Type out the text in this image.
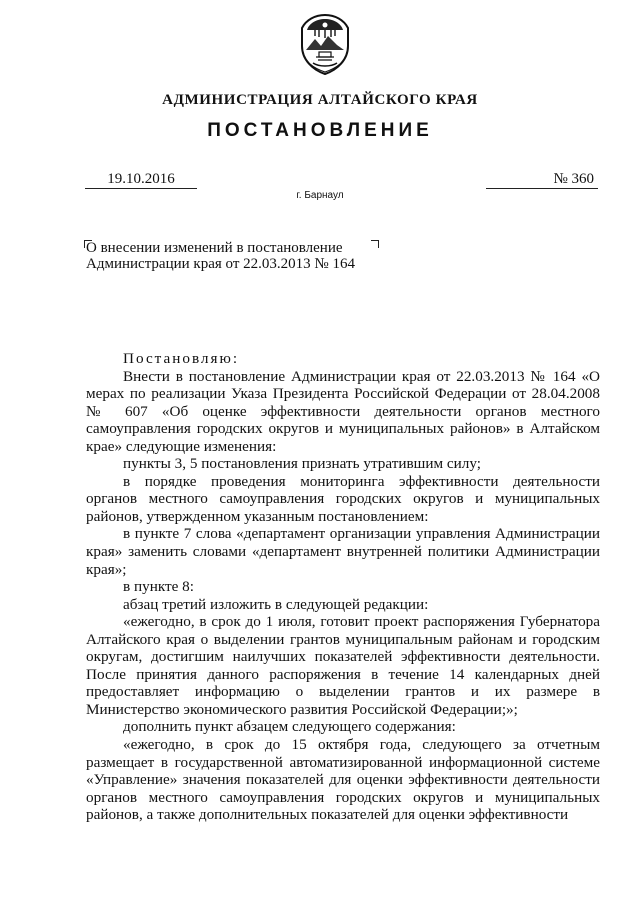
АДМИНИСТРАЦИЯ АЛТАЙСКОГО КРАЯ
ПОСТАНОВЛЕНИЕ
19.10.2016	№ 360
г. Барнаул
О внесении изменений в постановление Администрации края от 22.03.2013 № 164

Постановляю:

Внести в постановление Администрации края от 22.03.2013 № 164 «О мерах по реализации Указа Президента Российской Федерации от 28.04.2008 № 607 «Об оценке эффективности деятельности органов местного самоуправления городских округов и муниципальных районов» в Алтайском крае» следующие изменения:

пункты 3, 5 постановления признать утратившим силу;

в порядке проведения мониторинга эффективности деятельности органов местного самоуправления городских округов и муниципальных районов, утвержденном указанным постановлением:

в пункте 7 слова «департамент организации управления Администрации края» заменить словами «департамент внутренней политики Администрации края»;

в пункте 8:

абзац третий изложить в следующей редакции:

«ежегодно, в срок до 1 июля, готовит проект распоряжения Губернатора Алтайского края о выделении грантов муниципальным районам и городским округам, достигшим наилучших показателей эффективности деятельности. После принятия данного распоряжения в течение 14 календарных дней предоставляет информацию о выделении грантов и их размере в Министерство экономического развития Российской Федерации;»;

дополнить пункт абзацем следующего содержания:

«ежегодно, в срок до 15 октября года, следующего за отчетным размещает в государственной автоматизированной информационной системе «Управление» значения показателей для оценки эффективности деятельности органов местного самоуправления городских округов и муниципальных районов, а также дополнительных показателей для оценки эффективности
